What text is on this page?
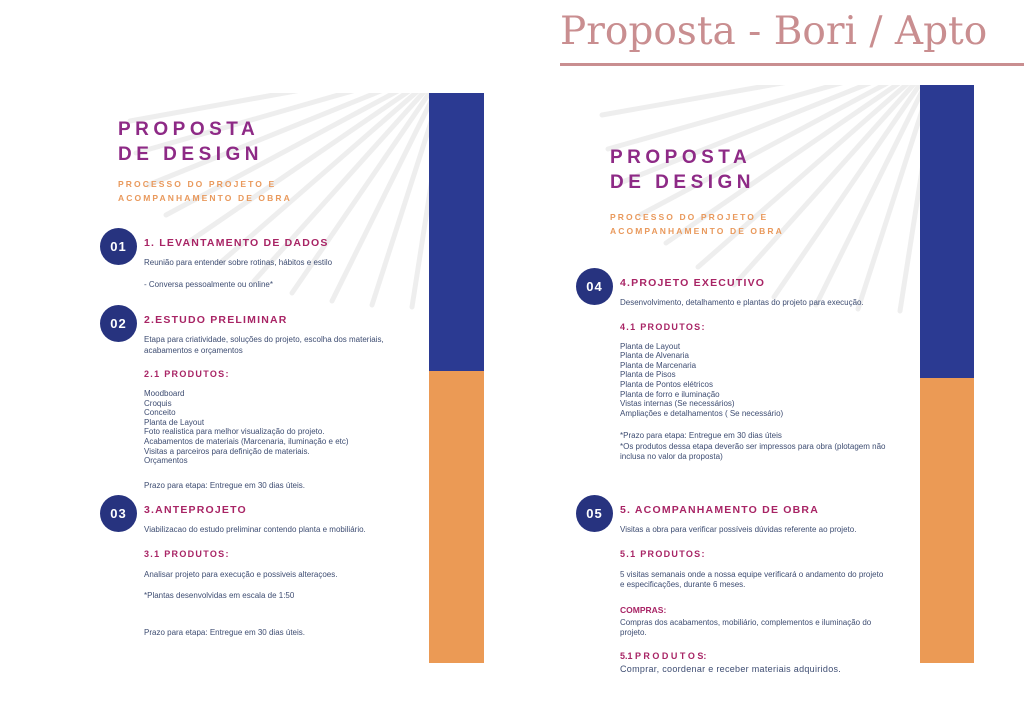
Proposta - Bori / Apto
PROPOSTA
DE DESIGN
PROCESSO DO PROJETO E
ACOMPANHAMENTO DE OBRA
01 1. LEVANTAMENTO DE DADOS

Reunião para entender sobre rotinas, hábitos e estilo

- Conversa pessoalmente ou online*

02 2.ESTUDO PRELIMINAR

Etapa para criatividade, soluções do projeto, escolha dos materiais, acabamentos e orçamentos

2.1 PRODUTOS:
Moodboard
Croquis
Conceito
Planta de Layout
Foto realistica para melhor visualização do projeto.
Acabamentos de materiais (Marcenaria, iluminação e etc)
Visitas a parceiros para definição de materiais.
Orçamentos

Prazo para etapa: Entregue em 30 dias úteis.

03 3.ANTEPROJETO

Viabilizacao do estudo preliminar contendo planta e mobiliário.

3.1 PRODUTOS:

Analisar projeto para execução e possiveis alteraçoes.

*Plantas desenvolvidas em escala de 1:50

Prazo para etapa: Entregue em 30 dias úteis.

PROPOSTA
DE DESIGN
PROCESSO DO PROJETO E
ACOMPANHAMENTO DE OBRA
04 4.PROJETO EXECUTIVO

Desenvolvimento, detalhamento e plantas do projeto para execução.

4.1 PRODUTOS:
Planta de Layout
Planta de Alvenaria
Planta de Marcenaria
Planta de Pisos
Planta de Pontos elétricos
Planta de forro e iluminação
Vistas internas (Se necessários)
Ampliações e detalhamentos ( Se necessário)
*Prazo para etapa: Entregue em 30 dias úteis
*Os produtos dessa etapa deverão ser impressos para obra (plotagem não inclusa no valor da proposta)
05 5. ACOMPANHAMENTO DE OBRA

Visitas a obra para verificar possíveis dúvidas referente ao projeto.

5.1 PRODUTOS:

5 visitas semanais onde a nossa equipe verificará o andamento do projeto e especificações, durante 6 meses.

COMPRAS:

Compras dos acabamentos, mobiliário, complementos e iluminação do projeto.

5.1 P R O D U T O S:

Comprar, coordenar e receber materiais adquiridos.
